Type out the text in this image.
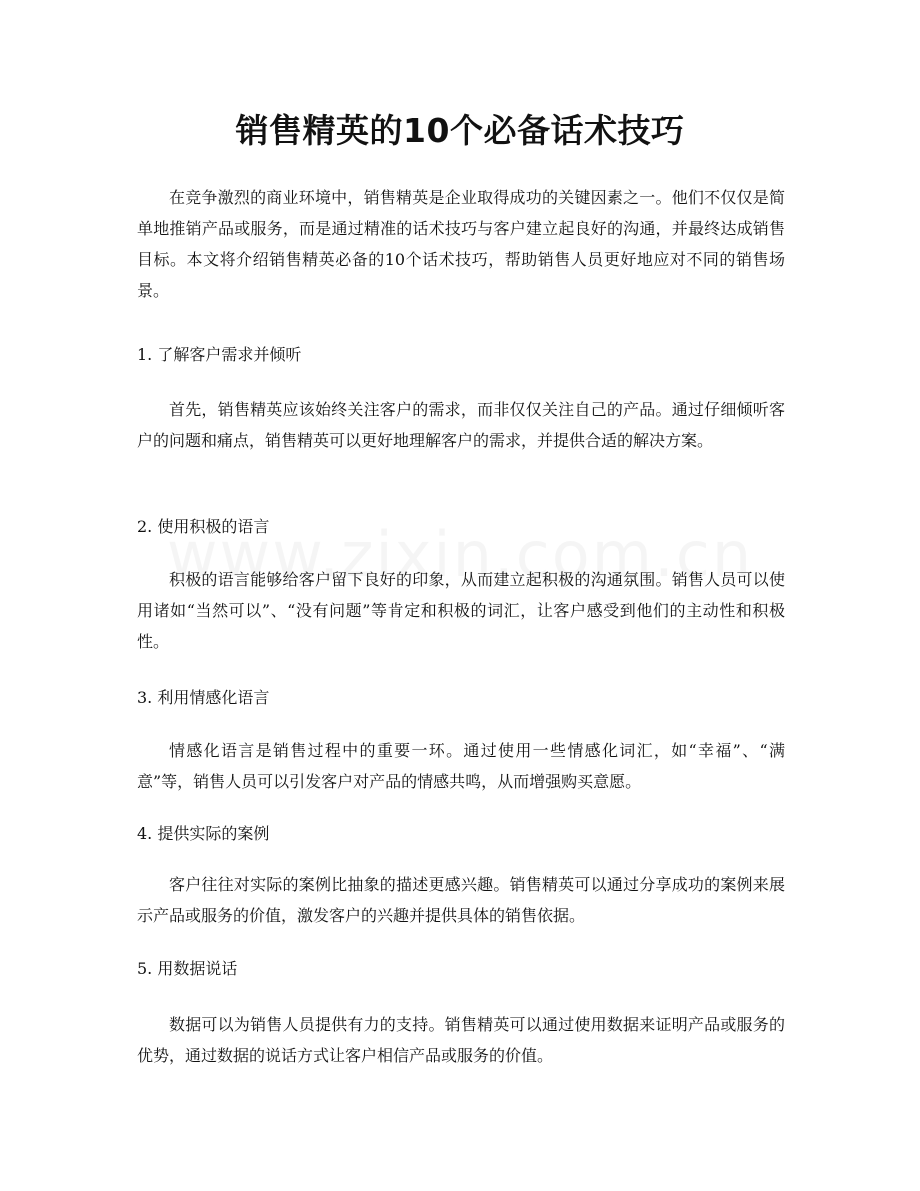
销售精英的10个必备话术技巧

在竞争激烈的商业环境中，销售精英是企业取得成功的关键因素之一。他们不仅仅是简单地推销产品或服务，而是通过精准的话术技巧与客户建立起良好的沟通，并最终达成销售目标。本文将介绍销售精英必备的10个话术技巧，帮助销售人员更好地应对不同的销售场景。

1. 了解客户需求并倾听

首先，销售精英应该始终关注客户的需求，而非仅仅关注自己的产品。通过仔细倾听客户的问题和痛点，销售精英可以更好地理解客户的需求，并提供合适的解决方案。

2. 使用积极的语言

积极的语言能够给客户留下良好的印象，从而建立起积极的沟通氛围。销售人员可以使用诸如“当然可以”、“没有问题”等肯定和积极的词汇，让客户感受到他们的主动性和积极性。

3. 利用情感化语言

情感化语言是销售过程中的重要一环。通过使用一些情感化词汇，如“幸福”、“满意”等，销售人员可以引发客户对产品的情感共鸣，从而增强购买意愿。

4. 提供实际的案例

客户往往对实际的案例比抽象的描述更感兴趣。销售精英可以通过分享成功的案例来展示产品或服务的价值，激发客户的兴趣并提供具体的销售依据。

5. 用数据说话

数据可以为销售人员提供有力的支持。销售精英可以通过使用数据来证明产品或服务的优势，通过数据的说话方式让客户相信产品或服务的价值。
